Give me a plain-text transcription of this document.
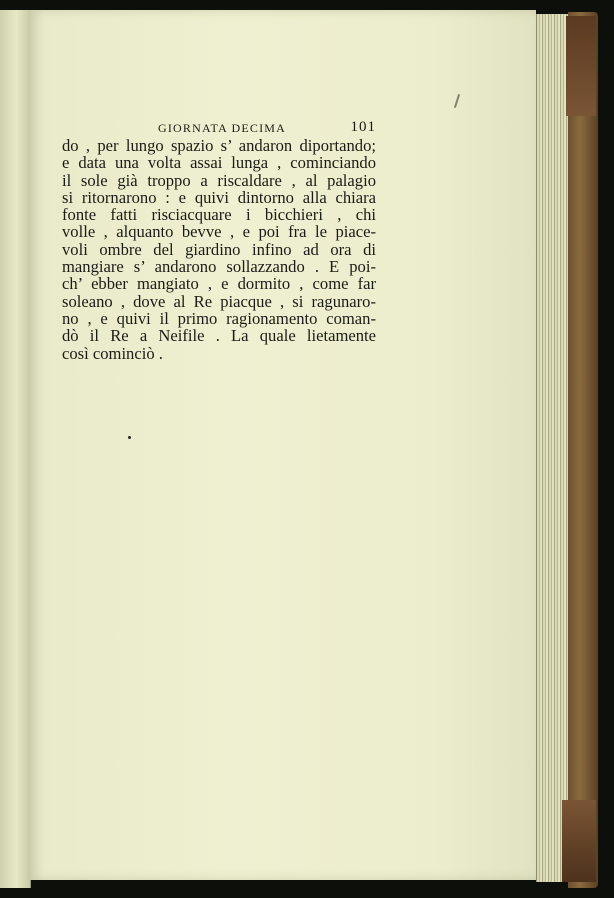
GIORNATA DECIMA	101
do , per lungo spazio s’ andaron diportando;
e data una volta assai lunga , cominciando
il sole già troppo a riscaldare , al palagio
si ritornarono : e quivi dintorno alla chiara
fonte fatti risciacquare i bicchieri , chi
volle , alquanto bevve , e poi fra le piace-
voli ombre del giardino infino ad ora di
mangiare s’ andarono sollazzando . E poi-
ch’ ebber mangiato , e dormito , come far
soleano , dove al Re piacque , si ragunaro-
no , e quivi il primo ragionamento coman-
dò il Re a Neifile . La quale lietamente
così cominciò .
